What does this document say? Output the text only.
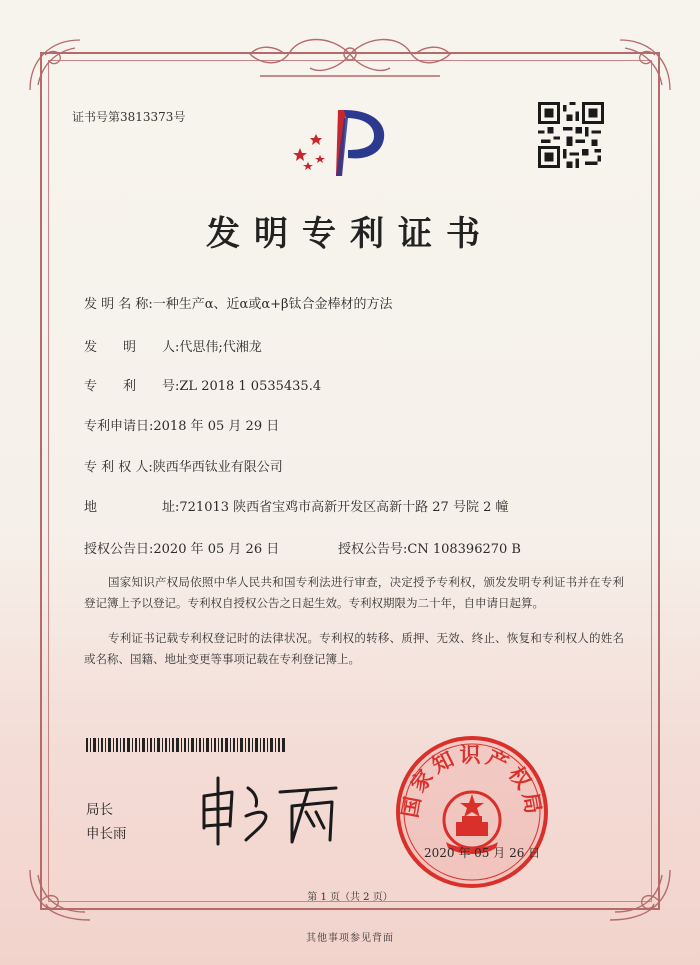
证书号第3813373号
发明专利证书
发 明 名 称:一种生产α、近α或α+β钛合金棒材的方法
发　　明　　人:代思伟;代湘龙
专　　利　　号:ZL 2018 1 0535435.4
专利申请日:2018 年 05 月 29 日
专 利 权 人:陕西华西钛业有限公司
地　　　　　址:721013 陕西省宝鸡市高新开发区高新十路 27 号院 2 幢
授权公告日:2020 年 05 月 26 日	授权公告号:CN 108396270 B
国家知识产权局依照中华人民共和国专利法进行审查，决定授予专利权，颁发发明专利证书并在专利登记簿上予以登记。专利权自授权公告之日起生效。专利权期限为二十年，自申请日起算。
专利证书记载专利权登记时的法律状况。专利权的转移、质押、无效、终止、恢复和专利权人的姓名或名称、国籍、地址变更等事项记载在专利登记簿上。
局长
申长雨
国家知识产权局
2020 年 05 月 26 日
第 1 页（共 2 页）
其他事项参见背面
